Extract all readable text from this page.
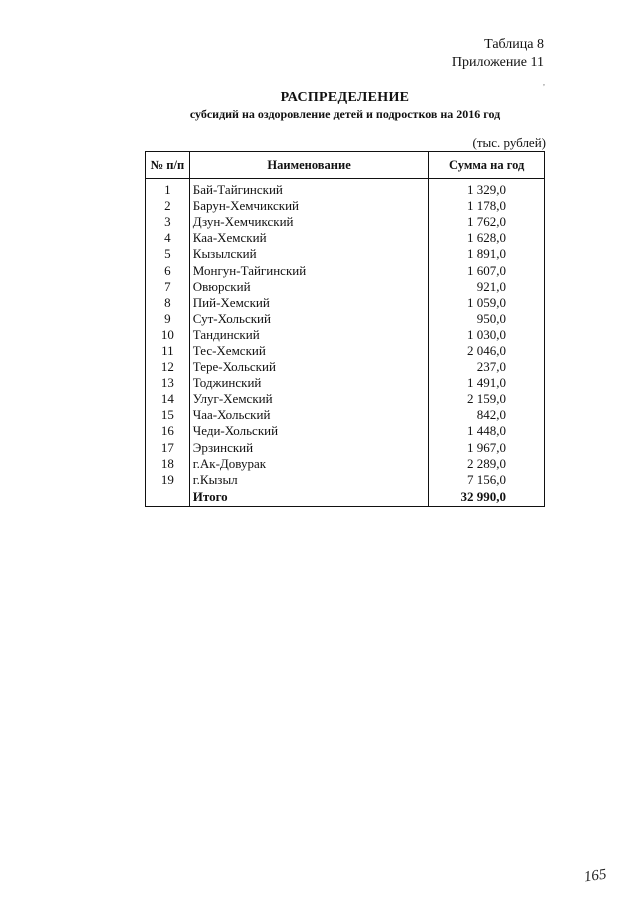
Таблица 8
Приложение 11
,
РАСПРЕДЕЛЕНИЕ
субсидий на оздоровление детей и подростков на 2016 год
(тыс. рублей)
№ п/п	Наименование	Сумма на год
1	Бай-Тайгинский	1 329,0
2	Барун-Хемчикский	1 178,0
3	Дзун-Хемчикский	1 762,0
4	Каа-Хемский	1 628,0
5	Кызылский	1 891,0
6	Монгун-Тайгинский	1 607,0
7	Овюрский	921,0
8	Пий-Хемский	1 059,0
9	Сут-Хольский	950,0
10	Тандинский	1 030,0
11	Тес-Хемский	2 046,0
12	Тере-Хольский	237,0
13	Тоджинский	1 491,0
14	Улуг-Хемский	2 159,0
15	Чаа-Хольский	842,0
16	Чеди-Хольский	1 448,0
17	Эрзинский	1 967,0
18	г.Ак-Довурак	2 289,0
19	г.Кызыл	7 156,0
	Итого	32 990,0
165
